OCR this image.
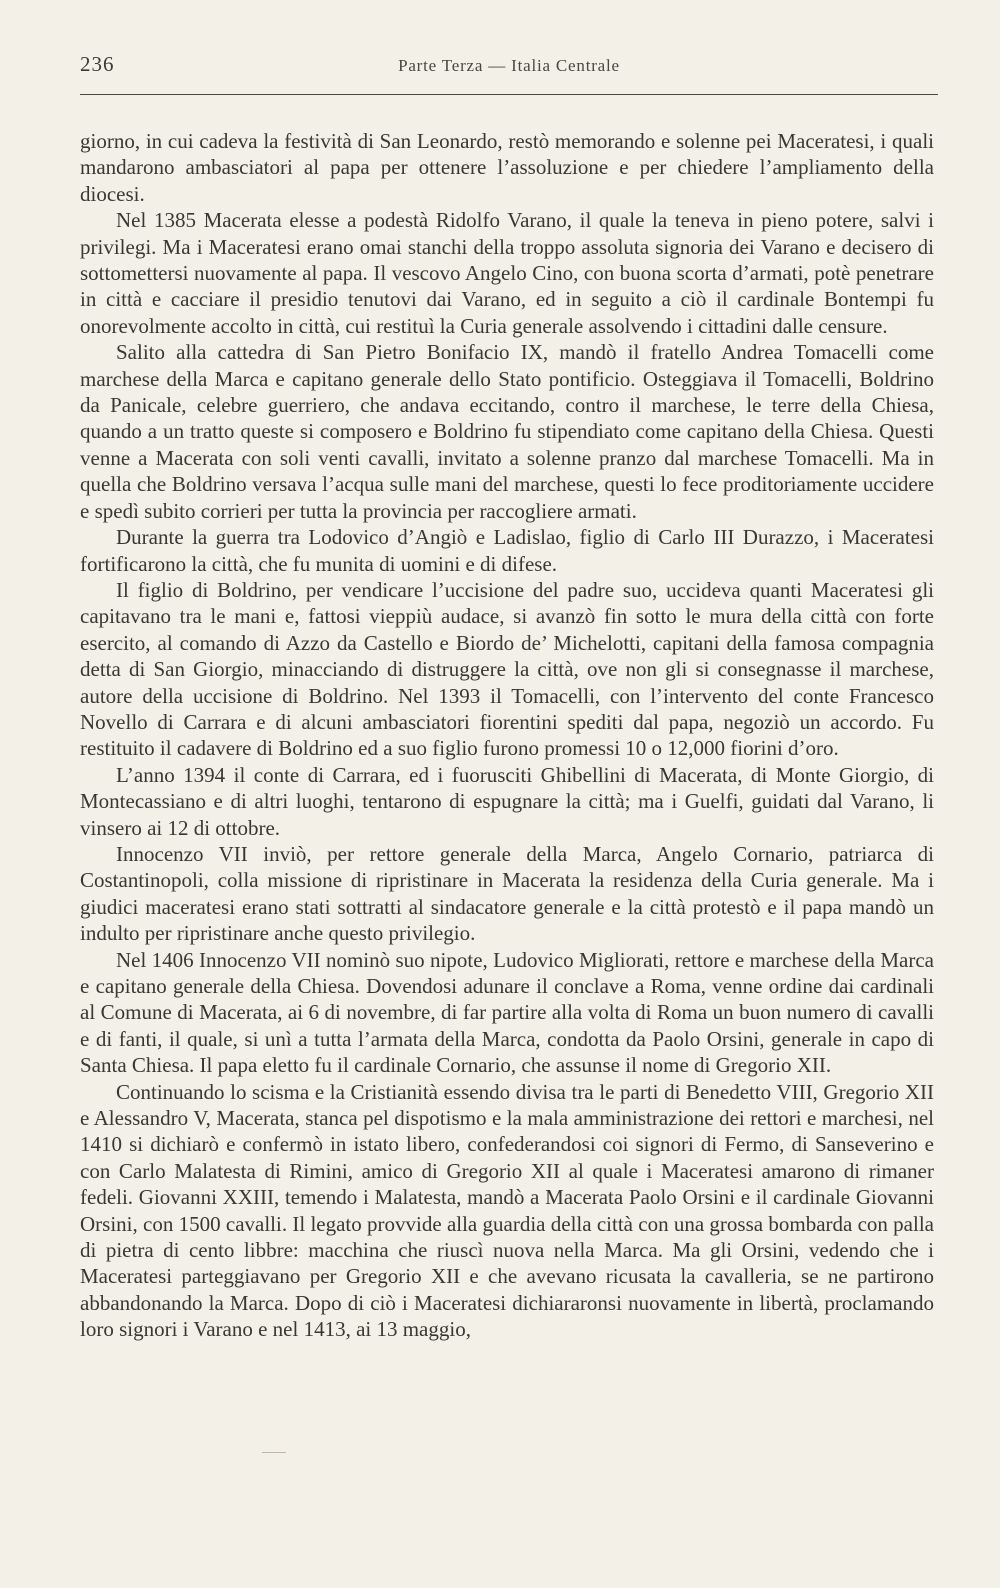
236	Parte Terza — Italia Centrale

giorno, in cui cadeva la festività di San Leonardo, restò memorando e solenne pei Maceratesi, i quali mandarono ambasciatori al papa per ottenere l’assoluzione e per chiedere l’ampliamento della diocesi.

Nel 1385 Macerata elesse a podestà Ridolfo Varano, il quale la teneva in pieno potere, salvi i privilegi. Ma i Maceratesi erano omai stanchi della troppo assoluta signoria dei Varano e decisero di sottomettersi nuovamente al papa. Il vescovo Angelo Cino, con buona scorta d’armati, potè penetrare in città e cacciare il presidio tenutovi dai Varano, ed in seguito a ciò il cardinale Bontempi fu onorevolmente accolto in città, cui restituì la Curia generale assolvendo i cittadini dalle censure.

Salito alla cattedra di San Pietro Bonifacio IX, mandò il fratello Andrea Tomacelli come marchese della Marca e capitano generale dello Stato pontificio. Osteggiava il Tomacelli, Boldrino da Panicale, celebre guerriero, che andava eccitando, contro il marchese, le terre della Chiesa, quando a un tratto queste si composero e Boldrino fu stipendiato come capitano della Chiesa. Questi venne a Macerata con soli venti cavalli, invitato a solenne pranzo dal marchese Tomacelli. Ma in quella che Boldrino versava l’acqua sulle mani del marchese, questi lo fece proditoriamente uccidere e spedì subito corrieri per tutta la provincia per raccogliere armati.

Durante la guerra tra Lodovico d’Angiò e Ladislao, figlio di Carlo III Durazzo, i Maceratesi fortificarono la città, che fu munita di uomini e di difese.

Il figlio di Boldrino, per vendicare l’uccisione del padre suo, uccideva quanti Maceratesi gli capitavano tra le mani e, fattosi vieppiù audace, si avanzò fin sotto le mura della città con forte esercito, al comando di Azzo da Castello e Biordo de’ Michelotti, capitani della famosa compagnia detta di San Giorgio, minacciando di distruggere la città, ove non gli si consegnasse il marchese, autore della uccisione di Boldrino. Nel 1393 il Tomacelli, con l’intervento del conte Francesco Novello di Carrara e di alcuni ambasciatori fiorentini spediti dal papa, negoziò un accordo. Fu restituito il cadavere di Boldrino ed a suo figlio furono promessi 10 o 12,000 fiorini d’oro.

L’anno 1394 il conte di Carrara, ed i fuorusciti Ghibellini di Macerata, di Monte Giorgio, di Montecassiano e di altri luoghi, tentarono di espugnare la città; ma i Guelfi, guidati dal Varano, li vinsero ai 12 di ottobre.

Innocenzo VII inviò, per rettore generale della Marca, Angelo Cornario, patriarca di Costantinopoli, colla missione di ripristinare in Macerata la residenza della Curia generale. Ma i giudici maceratesi erano stati sottratti al sindacatore generale e la città protestò e il papa mandò un indulto per ripristinare anche questo privilegio.

Nel 1406 Innocenzo VII nominò suo nipote, Ludovico Migliorati, rettore e marchese della Marca e capitano generale della Chiesa. Dovendosi adunare il conclave a Roma, venne ordine dai cardinali al Comune di Macerata, ai 6 di novembre, di far partire alla volta di Roma un buon numero di cavalli e di fanti, il quale, si unì a tutta l’armata della Marca, condotta da Paolo Orsini, generale in capo di Santa Chiesa. Il papa eletto fu il cardinale Cornario, che assunse il nome di Gregorio XII.

Continuando lo scisma e la Cristianità essendo divisa tra le parti di Benedetto VIII, Gregorio XII e Alessandro V, Macerata, stanca pel dispotismo e la mala amministrazione dei rettori e marchesi, nel 1410 si dichiarò e confermò in istato libero, confederandosi coi signori di Fermo, di Sanseverino e con Carlo Malatesta di Rimini, amico di Gregorio XII al quale i Maceratesi amarono di rimaner fedeli. Giovanni XXIII, temendo i Malatesta, mandò a Macerata Paolo Orsini e il cardinale Giovanni Orsini, con 1500 cavalli. Il legato provvide alla guardia della città con una grossa bombarda con palla di pietra di cento libbre: macchina che riuscì nuova nella Marca. Ma gli Orsini, vedendo che i Maceratesi parteggiavano per Gregorio XII e che avevano ricusata la cavalleria, se ne partirono abbandonando la Marca. Dopo di ciò i Maceratesi dichiararonsi nuovamente in libertà, proclamando loro signori i Varano e nel 1413, ai 13 maggio,
